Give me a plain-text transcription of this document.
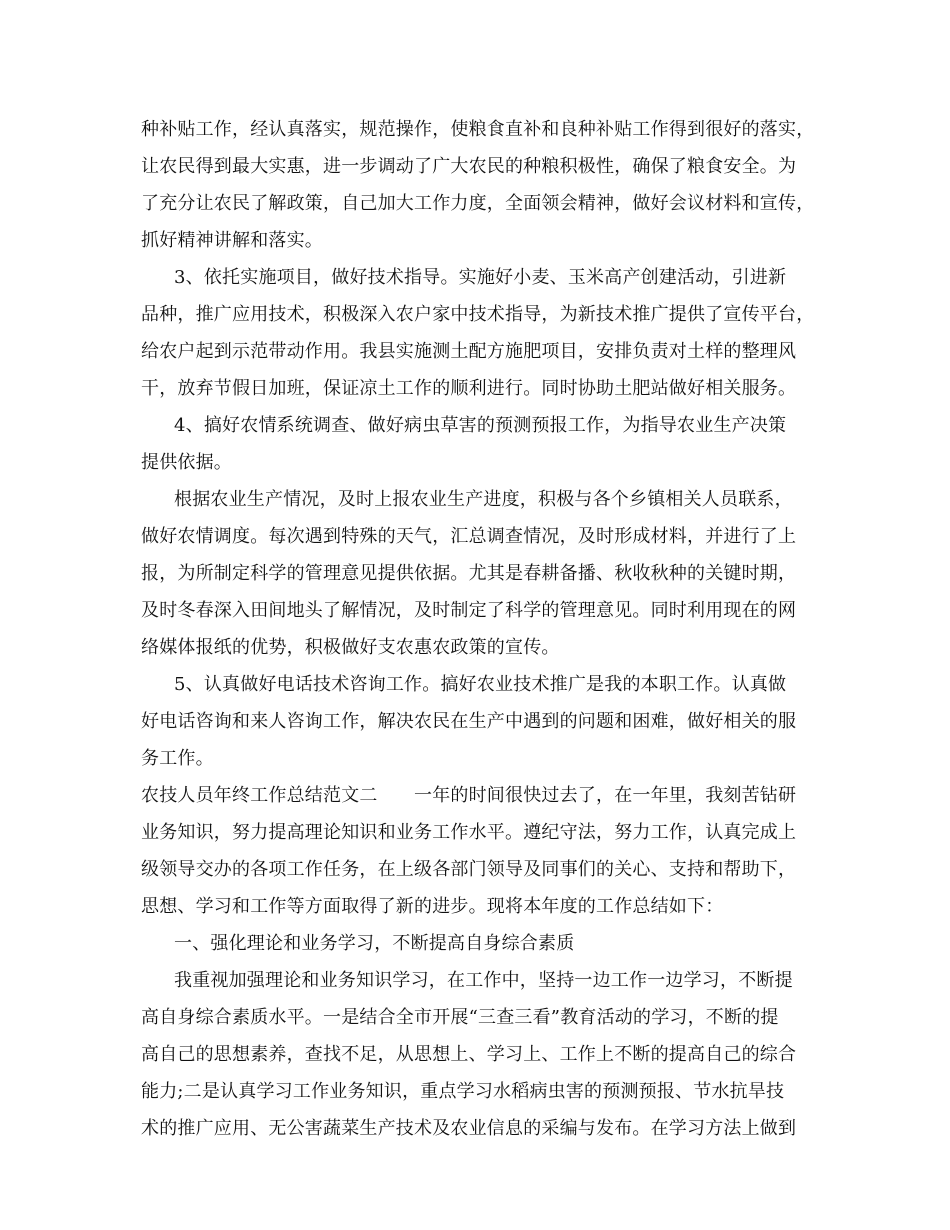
种补贴工作，经认真落实，规范操作，使粮食直补和良种补贴工作得到很好的落实，
让农民得到最大实惠，进一步调动了广大农民的种粮积极性，确保了粮食安全。为
了充分让农民了解政策，自己加大工作力度，全面领会精神，做好会议材料和宣传，
抓好精神讲解和落实。
3、依托实施项目，做好技术指导。实施好小麦、玉米高产创建活动，引进新
品种，推广应用技术，积极深入农户家中技术指导，为新技术推广提供了宣传平台，
给农户起到示范带动作用。我县实施测土配方施肥项目，安排负责对土样的整理风
干，放弃节假日加班，保证凉土工作的顺利进行。同时协助土肥站做好相关服务。
4、搞好农情系统调查、做好病虫草害的预测预报工作，为指导农业生产决策
提供依据。
根据农业生产情况，及时上报农业生产进度，积极与各个乡镇相关人员联系，
做好农情调度。每次遇到特殊的天气，汇总调查情况，及时形成材料，并进行了上
报，为所制定科学的管理意见提供依据。尤其是春耕备播、秋收秋种的关键时期，
及时冬春深入田间地头了解情况，及时制定了科学的管理意见。同时利用现在的网
络媒体报纸的优势，积极做好支农惠农政策的宣传。
5、认真做好电话技术咨询工作。搞好农业技术推广是我的本职工作。认真做
好电话咨询和来人咨询工作，解决农民在生产中遇到的问题和困难，做好相关的服
务工作。
农技人员年终工作总结范文二　　一年的时间很快过去了，在一年里，我刻苦钻研
业务知识，努力提高理论知识和业务工作水平。遵纪守法，努力工作，认真完成上
级领导交办的各项工作任务，在上级各部门领导及同事们的关心、支持和帮助下，
思想、学习和工作等方面取得了新的进步。现将本年度的工作总结如下：
一、强化理论和业务学习，不断提高自身综合素质
我重视加强理论和业务知识学习，在工作中，坚持一边工作一边学习，不断提
高自身综合素质水平。一是结合全市开展“三查三看”教育活动的学习，不断的提
高自己的思想素养，查找不足，从思想上、学习上、工作上不断的提高自己的综合
能力;二是认真学习工作业务知识，重点学习水稻病虫害的预测预报、节水抗旱技
术的推广应用、无公害蔬菜生产技术及农业信息的采编与发布。在学习方法上做到
